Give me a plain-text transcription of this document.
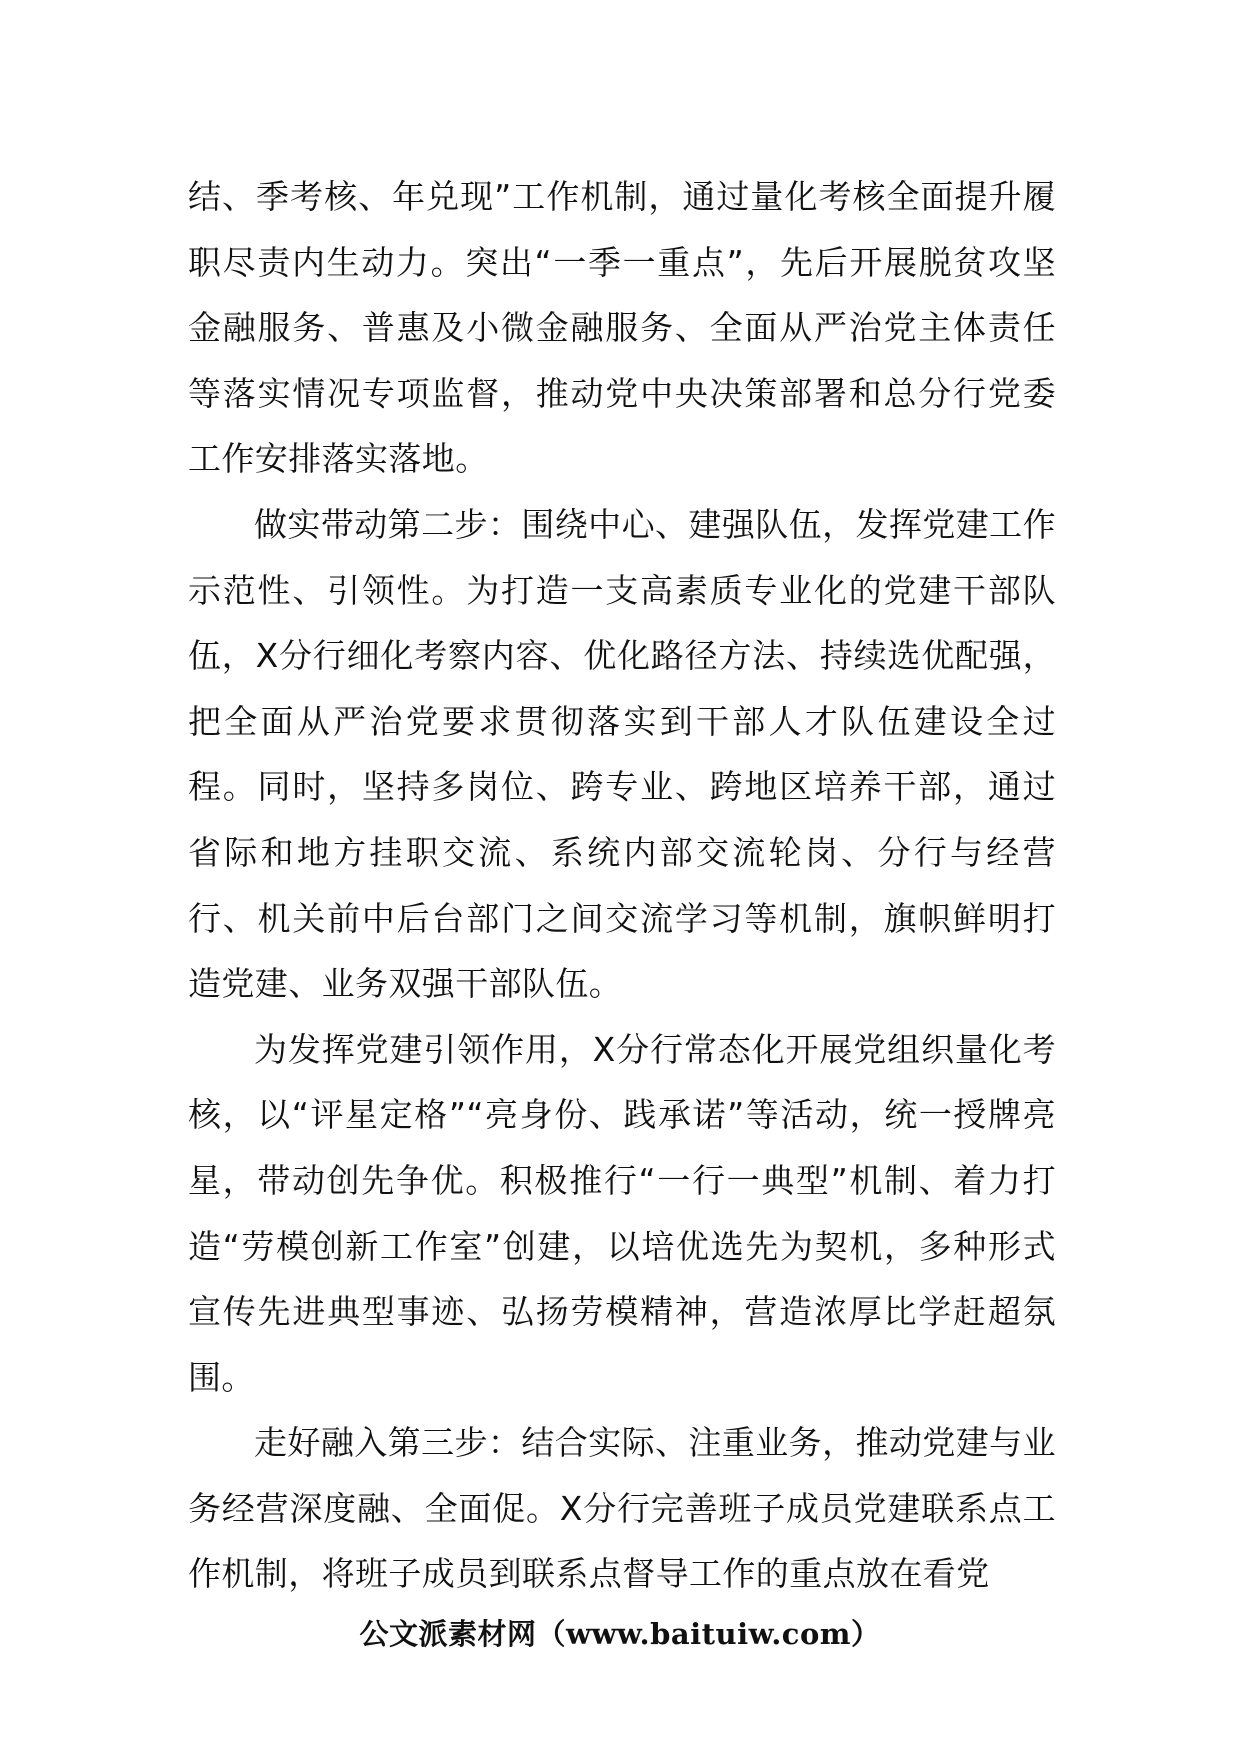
结、季考核、年兑现”工作机制，通过量化考核全面提升履职尽责内生动力。突出“一季一重点”，先后开展脱贫攻坚金融服务、普惠及小微金融服务、全面从严治党主体责任等落实情况专项监督，推动党中央决策部署和总分行党委工作安排落实落地。

做实带动第二步：围绕中心、建强队伍，发挥党建工作示范性、引领性。为打造一支高素质专业化的党建干部队伍，X分行细化考察内容、优化路径方法、持续选优配强，把全面从严治党要求贯彻落实到干部人才队伍建设全过程。同时，坚持多岗位、跨专业、跨地区培养干部，通过省际和地方挂职交流、系统内部交流轮岗、分行与经营行、机关前中后台部门之间交流学习等机制，旗帜鲜明打造党建、业务双强干部队伍。

为发挥党建引领作用，X分行常态化开展党组织量化考核，以“评星定格”“亮身份、践承诺”等活动，统一授牌亮星，带动创先争优。积极推行“一行一典型”机制、着力打造“劳模创新工作室”创建，以培优选先为契机，多种形式宣传先进典型事迹、弘扬劳模精神，营造浓厚比学赶超氛围。

走好融入第三步：结合实际、注重业务，推动党建与业务经营深度融、全面促。X分行完善班子成员党建联系点工作机制，将班子成员到联系点督导工作的重点放在看党

公文派素材网（www.baituiw.com）
